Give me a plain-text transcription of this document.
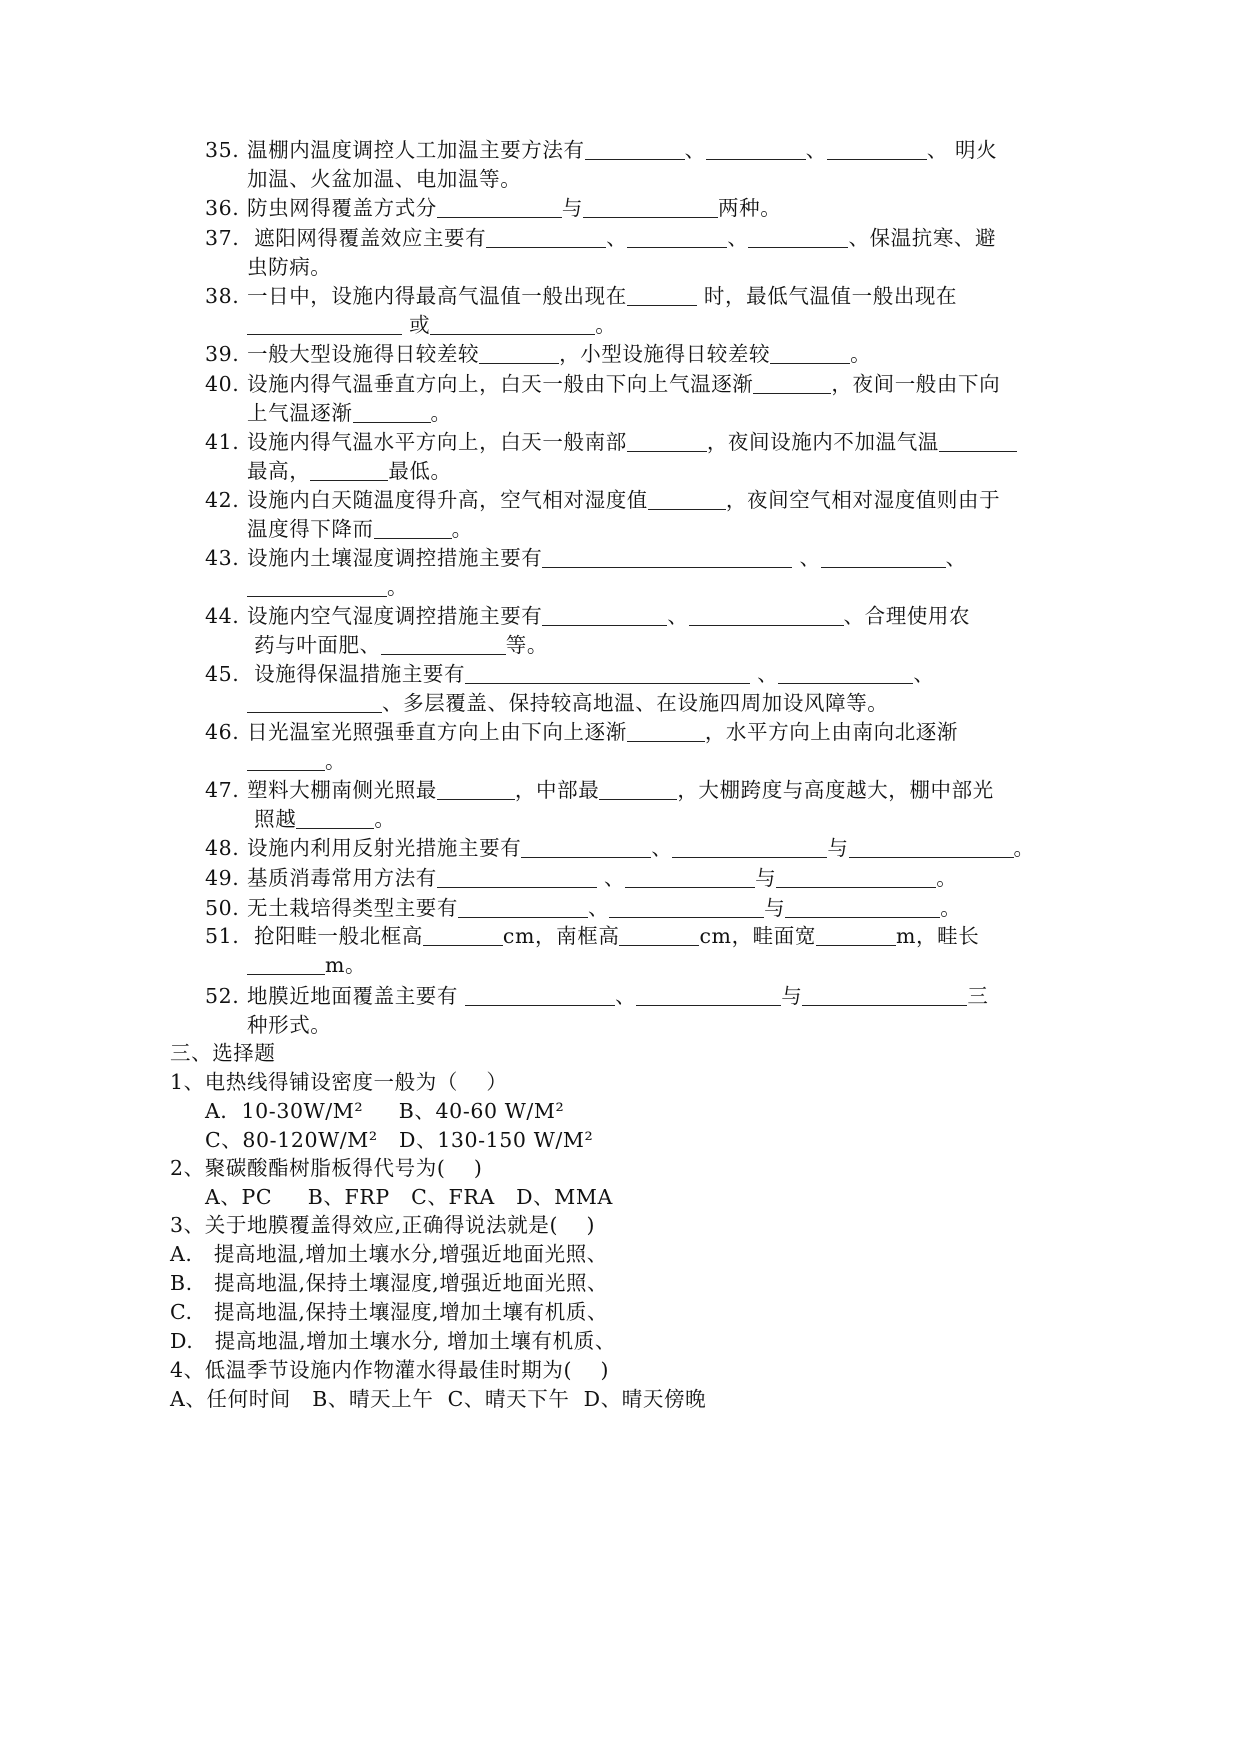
35. 温棚内温度调控人工加温主要方法有	、	、	、 明火
加温、火盆加温、电加温等。
36. 防虫网得覆盖方式分	与	两种。
37. 遮阳网得覆盖效应主要有	、	、	、保温抗寒、避
虫防病。
38. 一日中，设施内得最高气温值一般出现在	时，最低气温值一般出现在
或	。
39. 一般大型设施得日较差较	，小型设施得日较差较	。
40. 设施内得气温垂直方向上，白天一般由下向上气温逐渐	，夜间一般由下向
上气温逐渐	。
41. 设施内得气温水平方向上，白天一般南部	，夜间设施内不加温气温
最高，	最低。
42. 设施内白天随温度得升高，空气相对湿度值	，夜间空气相对湿度值则由于
温度得下降而	。
43. 设施内土壤湿度调控措施主要有	、	、
。
44. 设施内空气湿度调控措施主要有	、	、合理使用农
药与叶面肥、	等。
45. 设施得保温措施主要有	、	、
、多层覆盖、保持较高地温、在设施四周加设风障等。
46. 日光温室光照强垂直方向上由下向上逐渐	，水平方向上由南向北逐渐
。
47. 塑料大棚南侧光照最	，中部最	，大棚跨度与高度越大，棚中部光
照越	。
48. 设施内利用反射光措施主要有	、	与	。
49. 基质消毒常用方法有	、	与	。
50. 无土栽培得类型主要有	、	与	。
51. 抢阳畦一般北框高	cm，南框高	cm，畦面宽	m，畦长
m。
52. 地膜近地面覆盖主要有	、	与	三
种形式。
三、选择题
1、电热线得铺设密度一般为（    ）
A．10-30W/M²     B、40-60 W/M²
C、80-120W/M²   D、130-150 W/M²
2、聚碳酸酯树脂板得代号为(    )
A、PC     B、FRP   C、FRA   D、MMA
3、关于地膜覆盖得效应,正确得说法就是(    )
A.   提高地温,增加土壤水分,增强近地面光照、
B.   提高地温,保持土壤湿度,增强近地面光照、
C.   提高地温,保持土壤湿度,增加土壤有机质、
D.   提高地温,增加土壤水分, 增加土壤有机质、
4、低温季节设施内作物灌水得最佳时期为(    )
A、任何时间   B、晴天上午  C、晴天下午  D、晴天傍晚
